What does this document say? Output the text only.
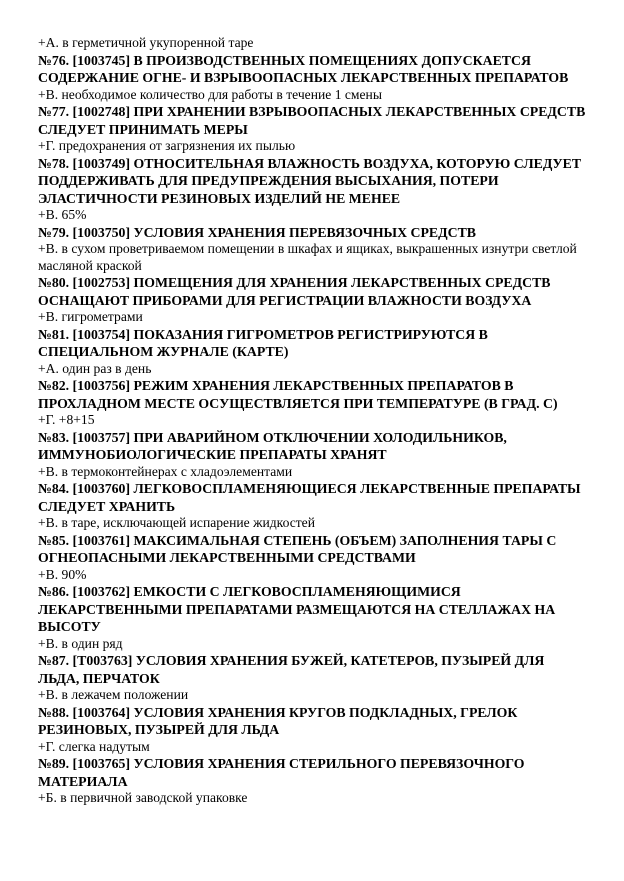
+А. в герметичной укупоренной таре

№76. [1003745] В ПРОИЗВОДСТВЕННЫХ ПОМЕЩЕНИЯХ ДОПУСКАЕТСЯ СОДЕРЖАНИЕ ОГНЕ- И ВЗРЫВООПАСНЫХ ЛЕКАРСТВЕННЫХ ПРЕПАРАТОВ

+В. необходимое количество для работы в течение 1 смены

№77. [1002748] ПРИ ХРАНЕНИИ ВЗРЫВООПАСНЫХ ЛЕКАРСТВЕННЫХ СРЕДСТВ СЛЕДУЕТ ПРИНИМАТЬ МЕРЫ

+Г. предохранения от загрязнения их пылью

№78. [1003749] ОТНОСИТЕЛЬНАЯ ВЛАЖНОСТЬ ВОЗДУХА, КОТОРУЮ СЛЕДУЕТ ПОДДЕРЖИВАТЬ ДЛЯ ПРЕДУПРЕЖДЕНИЯ ВЫСЫХАНИЯ, ПОТЕРИ ЭЛАСТИЧНОСТИ РЕЗИНОВЫХ ИЗДЕЛИЙ НЕ МЕНЕЕ

+В. 65%

№79. [1003750] УСЛОВИЯ ХРАНЕНИЯ ПЕРЕВЯЗОЧНЫХ СРЕДСТВ

+В. в сухом проветриваемом помещении в шкафах и ящиках, выкрашенных изнутри светлой масляной краской

№80. [1002753] ПОМЕЩЕНИЯ ДЛЯ ХРАНЕНИЯ ЛЕКАРСТВЕННЫХ СРЕДСТВ ОСНАЩАЮТ ПРИБОРАМИ ДЛЯ РЕГИСТРАЦИИ ВЛАЖНОСТИ ВОЗДУХА

+В. гигрометрами

№81. [1003754] ПОКАЗАНИЯ ГИГРОМЕТРОВ РЕГИСТРИРУЮТСЯ В СПЕЦИАЛЬНОМ ЖУРНАЛЕ (КАРТЕ)

+А. один раз в день

№82. [1003756] РЕЖИМ ХРАНЕНИЯ ЛЕКАРСТВЕННЫХ ПРЕПАРАТОВ В ПРОХЛАДНОМ МЕСТЕ ОСУЩЕСТВЛЯЕТСЯ ПРИ ТЕМПЕРАТУРЕ (В ГРАД. С)

+Г. +8+15

№83. [1003757] ПРИ АВАРИЙНОМ ОТКЛЮЧЕНИИ ХОЛОДИЛЬНИКОВ, ИММУНОБИОЛОГИЧЕСКИЕ ПРЕПАРАТЫ ХРАНЯТ

+В. в термоконтейнерах с хладоэлементами

№84. [1003760] ЛЕГКОВОСПЛАМЕНЯЮЩИЕСЯ ЛЕКАРСТВЕННЫЕ ПРЕПАРАТЫ СЛЕДУЕТ ХРАНИТЬ

+В. в таре, исключающей испарение жидкостей

№85. [1003761] МАКСИМАЛЬНАЯ СТЕПЕНЬ (ОБЪЕМ) ЗАПОЛНЕНИЯ ТАРЫ С ОГНЕОПАСНЫМИ ЛЕКАРСТВЕННЫМИ СРЕДСТВАМИ

+В. 90%

№86. [1003762] ЕМКОСТИ С ЛЕГКОВОСПЛАМЕНЯЮЩИМИСЯ ЛЕКАРСТВЕННЫМИ ПРЕПАРАТАМИ РАЗМЕЩАЮТСЯ НА СТЕЛЛАЖАХ НА ВЫСОТУ

+В. в один ряд

№87. [Т003763] УСЛОВИЯ ХРАНЕНИЯ БУЖЕЙ, КАТЕТЕРОВ, ПУЗЫРЕЙ ДЛЯ ЛЬДА, ПЕРЧАТОК

+В. в лежачем положении

№88. [1003764] УСЛОВИЯ ХРАНЕНИЯ КРУГОВ ПОДКЛАДНЫХ, ГРЕЛОК РЕЗИНОВЫХ, ПУЗЫРЕЙ ДЛЯ ЛЬДА

+Г. слегка надутым

№89. [1003765] УСЛОВИЯ ХРАНЕНИЯ СТЕРИЛЬНОГО ПЕРЕВЯЗОЧНОГО МАТЕРИАЛА

+Б. в первичной заводской упаковке
